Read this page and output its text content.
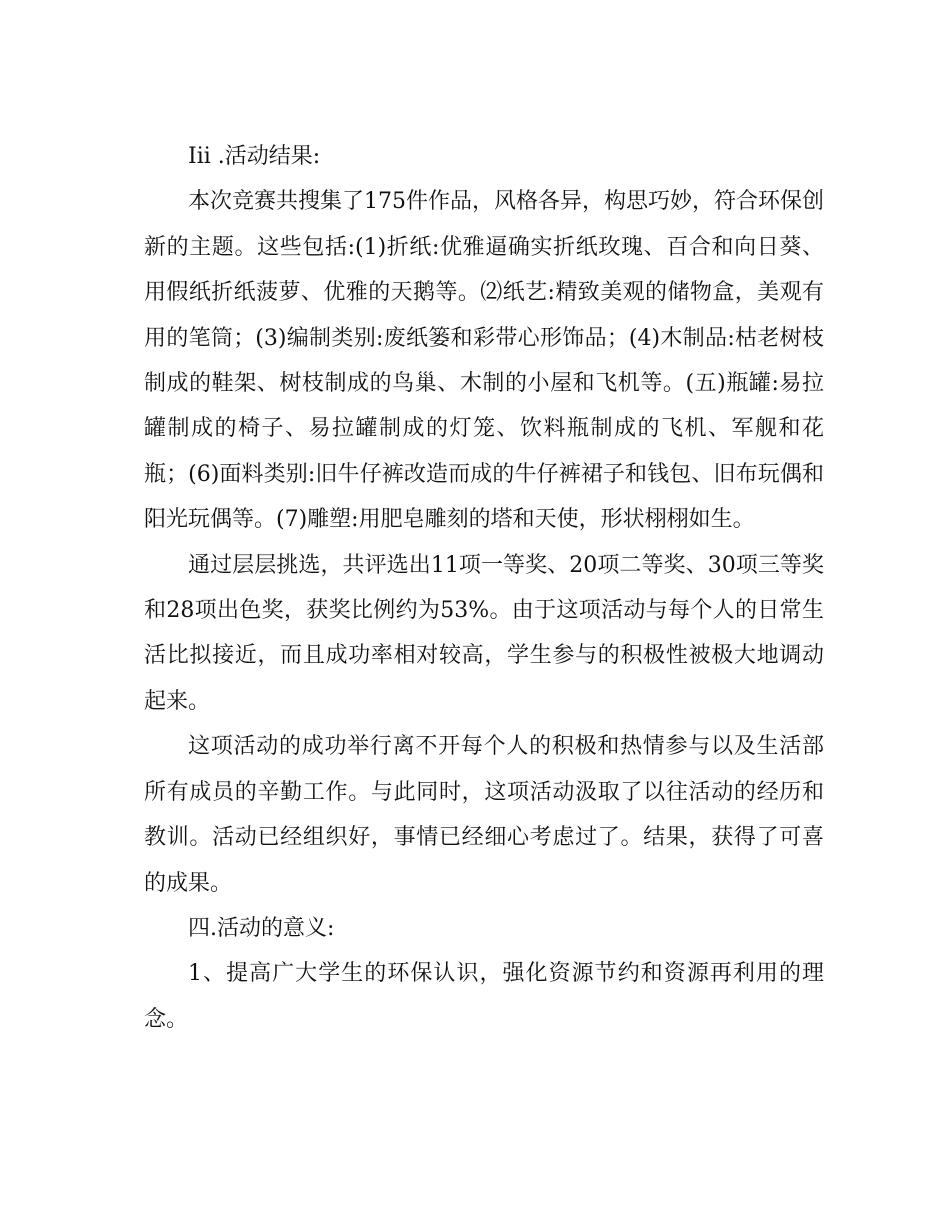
Iii .活动结果:

本次竞赛共搜集了175件作品，风格各异，构思巧妙，符合环保创新的主题。这些包括:(1)折纸:优雅逼确实折纸玫瑰、百合和向日葵、用假纸折纸菠萝、优雅的天鹅等。⑵纸艺:精致美观的储物盒，美观有用的笔筒；(3)编制类别:废纸篓和彩带心形饰品；(4)木制品:枯老树枝制成的鞋架、树枝制成的鸟巢、木制的小屋和飞机等。(五)瓶罐:易拉罐制成的椅子、易拉罐制成的灯笼、饮料瓶制成的飞机、军舰和花瓶；(6)面料类别:旧牛仔裤改造而成的牛仔裤裙子和钱包、旧布玩偶和阳光玩偶等。(7)雕塑:用肥皂雕刻的塔和天使，形状栩栩如生。

通过层层挑选，共评选出11项一等奖、20项二等奖、30项三等奖和28项出色奖，获奖比例约为53%。由于这项活动与每个人的日常生活比拟接近，而且成功率相对较高，学生参与的积极性被极大地调动起来。

这项活动的成功举行离不开每个人的积极和热情参与以及生活部所有成员的辛勤工作。与此同时，这项活动汲取了以往活动的经历和教训。活动已经组织好，事情已经细心考虑过了。结果，获得了可喜的成果。

四.活动的意义:

1、提高广大学生的环保认识，强化资源节约和资源再利用的理念。
